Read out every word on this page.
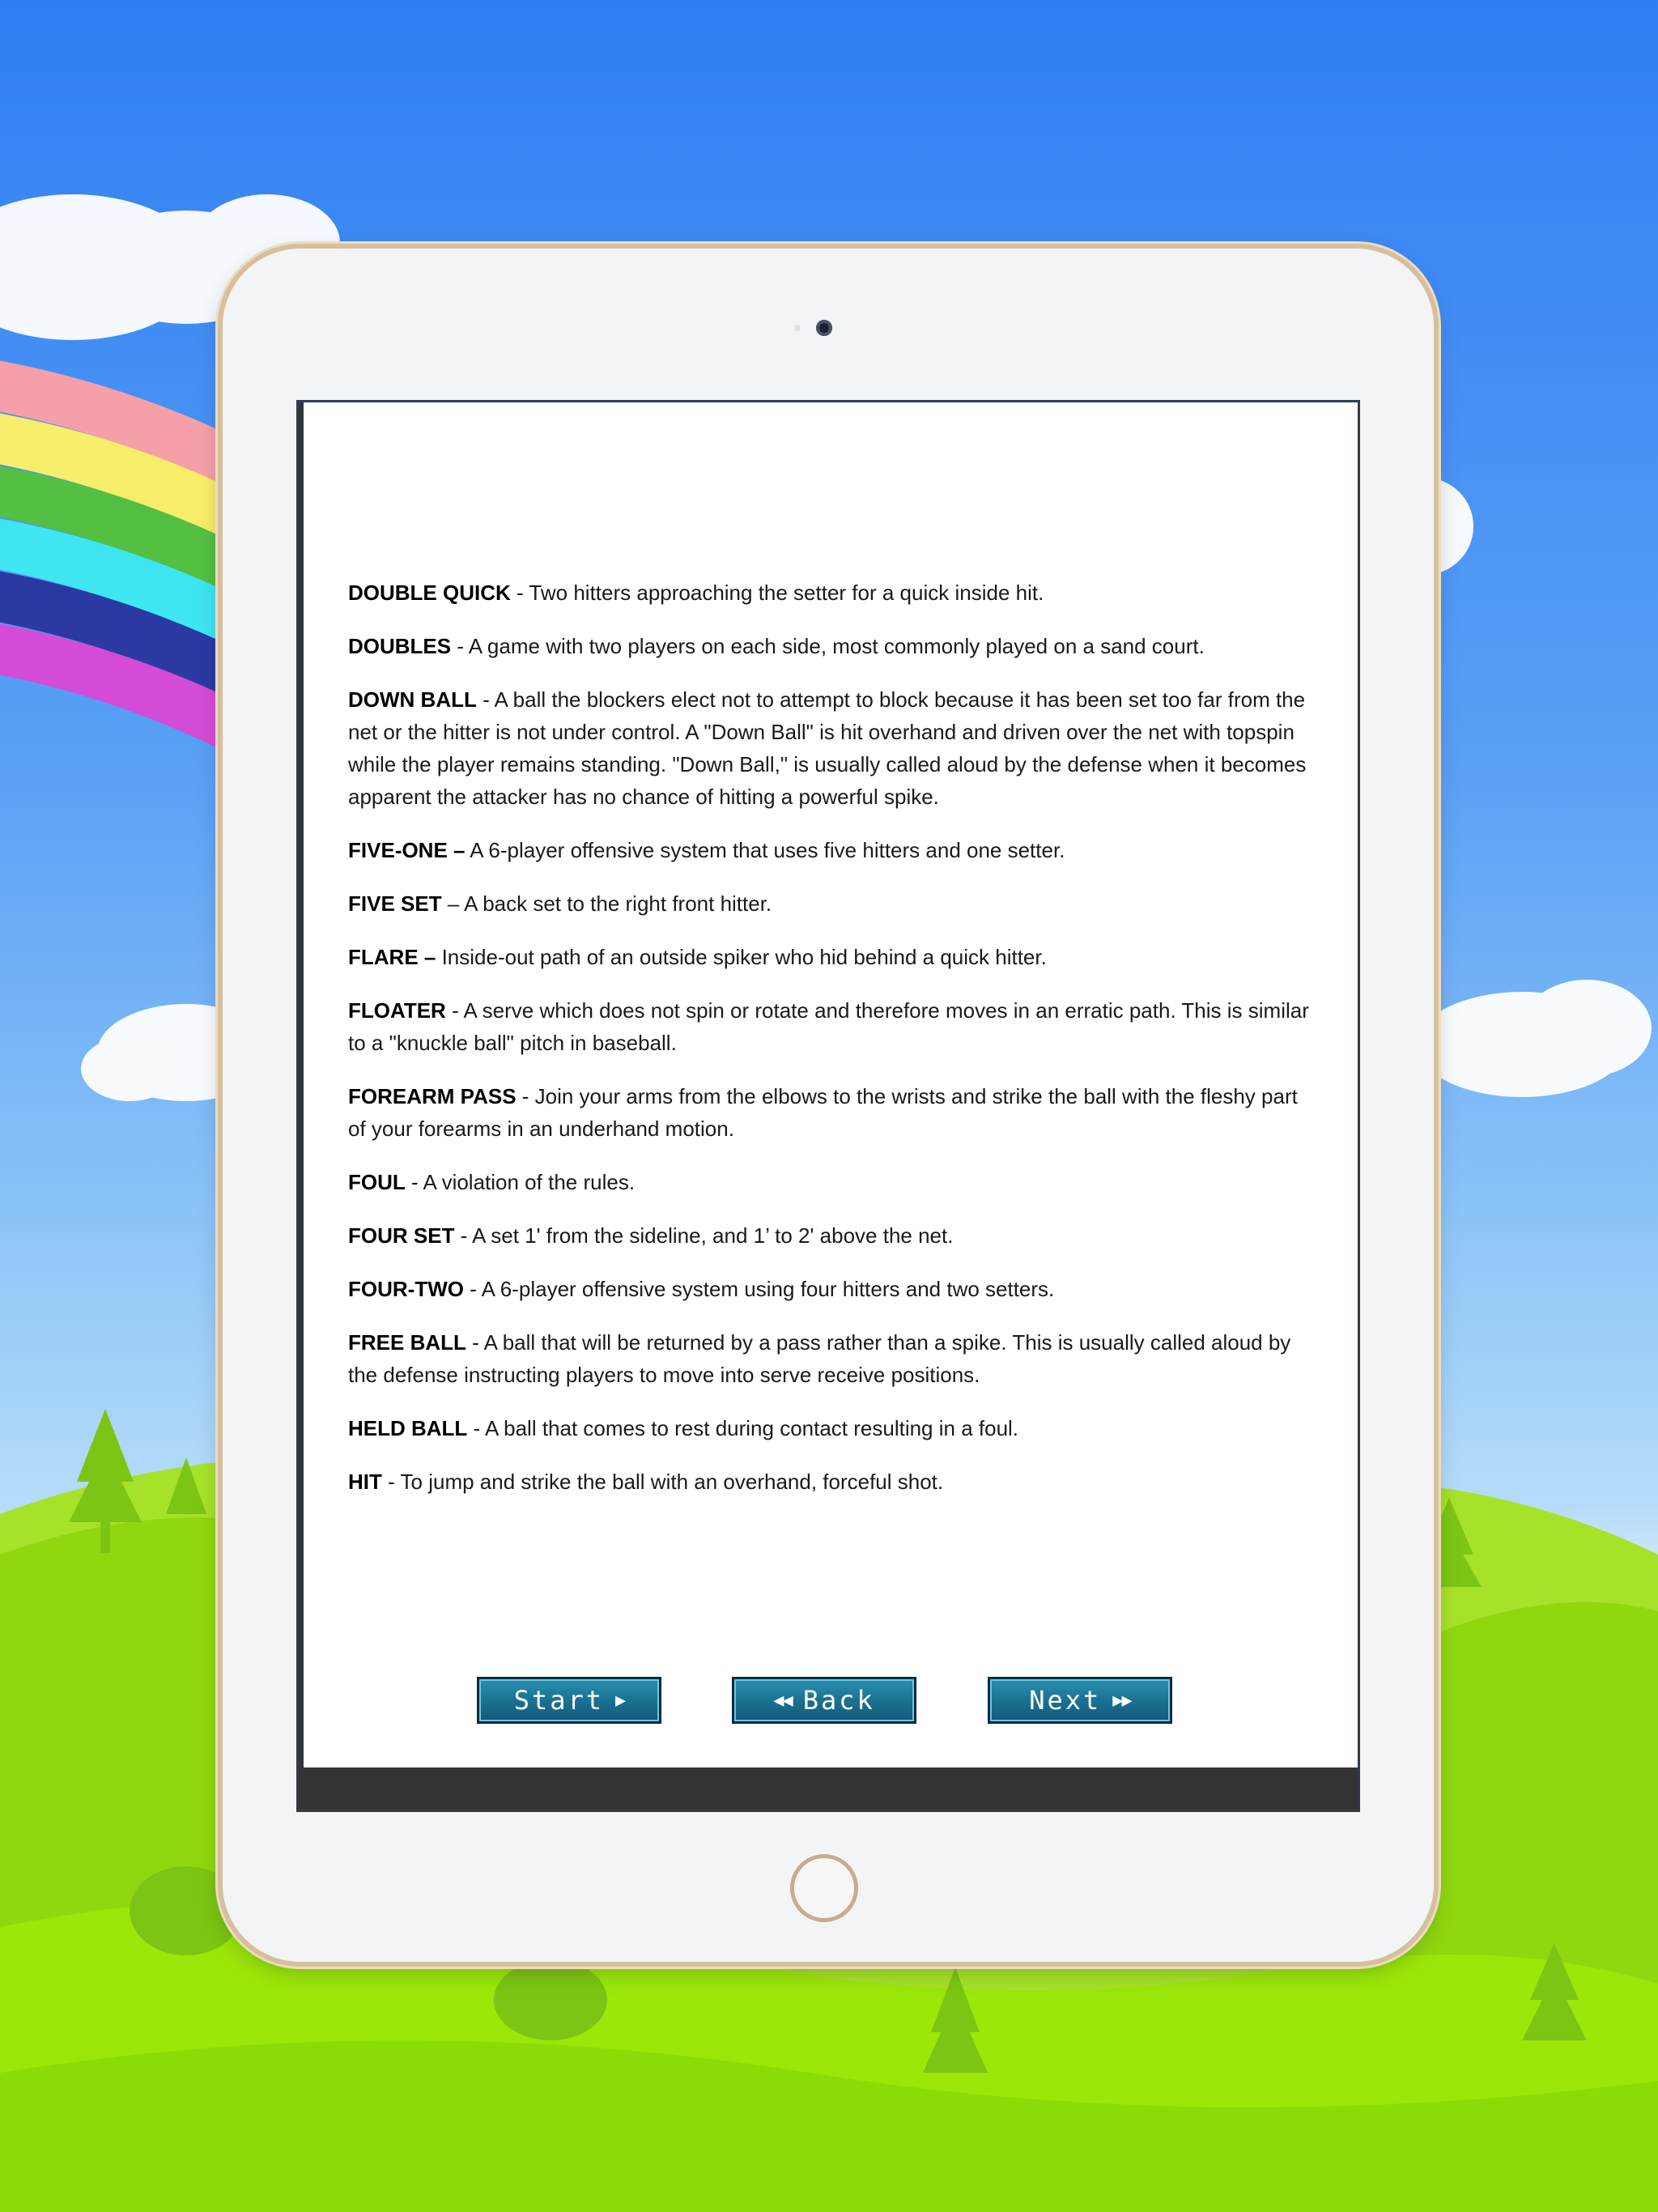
DOUBLE QUICK - Two hitters approaching the setter for a quick inside hit.
DOUBLES - A game with two players on each side, most commonly played on a sand court.
DOWN BALL - A ball the blockers elect not to attempt to block because it has been set too far from the net or the hitter is not under control. A "Down Ball" is hit overhand and driven over the net with topspin while the player remains standing. "Down Ball," is usually called aloud by the defense when it becomes apparent the attacker has no chance of hitting a powerful spike.
FIVE-ONE – A 6-player offensive system that uses five hitters and one setter.
FIVE SET – A back set to the right front hitter.
FLARE – Inside-out path of an outside spiker who hid behind a quick hitter.
FLOATER - A serve which does not spin or rotate and therefore moves in an erratic path. This is similar to a "knuckle ball" pitch in baseball.
FOREARM PASS - Join your arms from the elbows to the wrists and strike the ball with the fleshy part of your forearms in an underhand motion.
FOUL - A violation of the rules.
FOUR SET - A set 1' from the sideline, and 1’ to 2' above the net.
FOUR-TWO - A 6-player offensive system using four hitters and two setters.
FREE BALL - A ball that will be returned by a pass rather than a spike. This is usually called aloud by the defense instructing players to move into serve receive positions.
HELD BALL - A ball that comes to rest during contact resulting in a foul.
HIT - To jump and strike the ball with an overhand, forceful shot.
Start ▶	◀◀ Back	Next ▶▶
